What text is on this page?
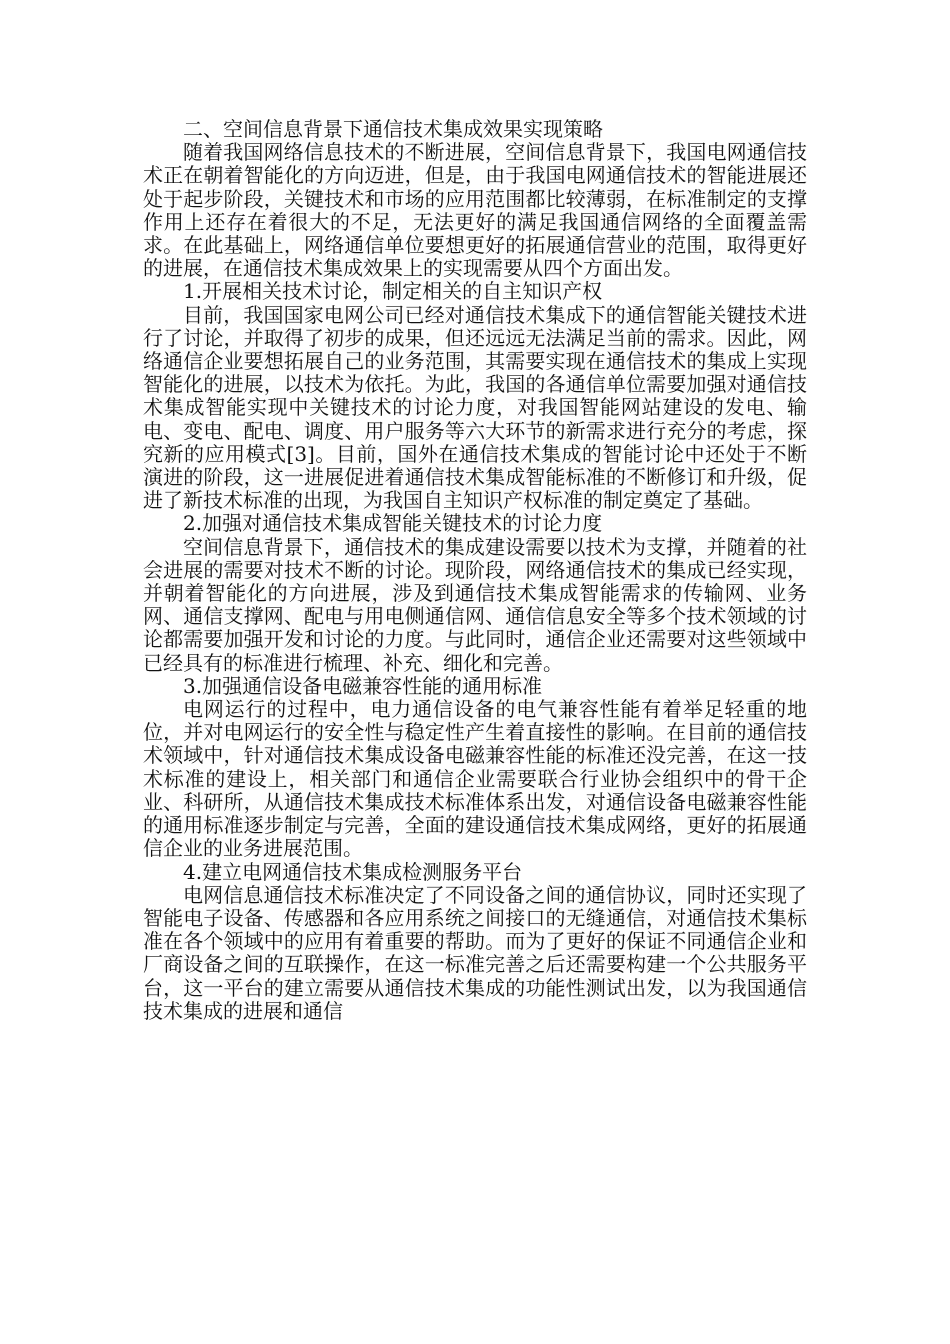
二、空间信息背景下通信技术集成效果实现策略

随着我国网络信息技术的不断进展，空间信息背景下，我国电网通信技术正在朝着智能化的方向迈进，但是，由于我国电网通信技术的智能进展还处于起步阶段，关键技术和市场的应用范围都比较薄弱，在标准制定的支撑作用上还存在着很大的不足，无法更好的满足我国通信网络的全面覆盖需求。在此基础上，网络通信单位要想更好的拓展通信营业的范围，取得更好的进展，在通信技术集成效果上的实现需要从四个方面出发。

1.开展相关技术讨论，制定相关的自主知识产权

目前，我国国家电网公司已经对通信技术集成下的通信智能关键技术进行了讨论，并取得了初步的成果，但还远远无法满足当前的需求。因此，网络通信企业要想拓展自己的业务范围，其需要实现在通信技术的集成上实现智能化的进展，以技术为依托。为此，我国的各通信单位需要加强对通信技术集成智能实现中关键技术的讨论力度，对我国智能网站建设的发电、输电、变电、配电、调度、用户服务等六大环节的新需求进行充分的考虑，探究新的应用模式[3]。目前，国外在通信技术集成的智能讨论中还处于不断演进的阶段，这一进展促进着通信技术集成智能标准的不断修订和升级，促进了新技术标准的出现，为我国自主知识产权标准的制定奠定了基础。

2.加强对通信技术集成智能关键技术的讨论力度

空间信息背景下，通信技术的集成建设需要以技术为支撑，并随着的社会进展的需要对技术不断的讨论。现阶段，网络通信技术的集成已经实现，并朝着智能化的方向进展，涉及到通信技术集成智能需求的传输网、业务网、通信支撑网、配电与用电侧通信网、通信信息安全等多个技术领域的讨论都需要加强开发和讨论的力度。与此同时，通信企业还需要对这些领域中已经具有的标准进行梳理、补充、细化和完善。

3.加强通信设备电磁兼容性能的通用标准

电网运行的过程中，电力通信设备的电气兼容性能有着举足轻重的地位，并对电网运行的安全性与稳定性产生着直接性的影响。在目前的通信技术领域中，针对通信技术集成设备电磁兼容性能的标准还没完善，在这一技术标准的建设上，相关部门和通信企业需要联合行业协会组织中的骨干企业、科研所，从通信技术集成技术标准体系出发，对通信设备电磁兼容性能的通用标准逐步制定与完善，全面的建设通信技术集成网络，更好的拓展通信企业的业务进展范围。

4.建立电网通信技术集成检测服务平台

电网信息通信技术标准决定了不同设备之间的通信协议，同时还实现了智能电子设备、传感器和各应用系统之间接口的无缝通信，对通信技术集标准在各个领域中的应用有着重要的帮助。而为了更好的保证不同通信企业和厂商设备之间的互联操作，在这一标准完善之后还需要构建一个公共服务平台，这一平台的建立需要从通信技术集成的功能性测试出发，以为我国通信技术集成的进展和通信
